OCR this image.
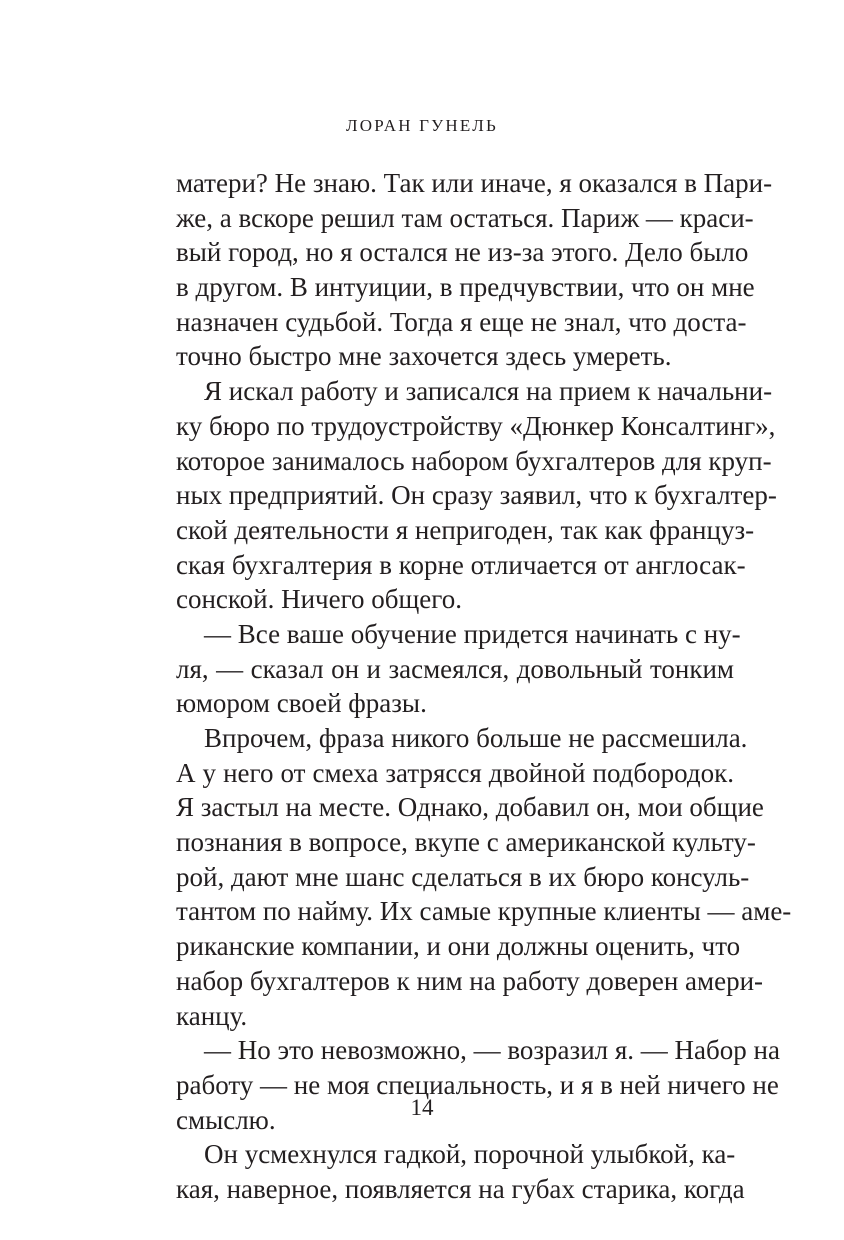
ЛОРАН ГУНЕЛЬ
матери? Не знаю. Так или иначе, я оказался в Пари-
же, а вскоре решил там остаться. Париж — краси-
вый город, но я остался не из-за этого. Дело было
в другом. В интуиции, в предчувствии, что он мне
назначен судьбой. Тогда я еще не знал, что доста-
точно быстро мне захочется здесь умереть.
Я искал работу и записался на прием к начальни-
ку бюро по трудоустройству «Дюнкер Консалтинг»,
которое занималось набором бухгалтеров для круп-
ных предприятий. Он сразу заявил, что к бухгалтер-
ской деятельности я непригоден, так как француз-
ская бухгалтерия в корне отличается от англосак-
сонской. Ничего общего.
— Все ваше обучение придется начинать с ну-
ля, — сказал он и засмеялся, довольный тонким
юмором своей фразы.
Впрочем, фраза никого больше не рассмешила.
А у него от смеха затрясся двойной подбородок.
Я застыл на месте. Однако, добавил он, мои общие
познания в вопросе, вкупе с американской культу-
рой, дают мне шанс сделаться в их бюро консуль-
тантом по найму. Их самые крупные клиенты — аме-
риканские компании, и они должны оценить, что
набор бухгалтеров к ним на работу доверен амери-
канцу.
— Но это невозможно, — возразил я. — Набор на
работу — не моя специальность, и я в ней ничего не
смыслю.
Он усмехнулся гадкой, порочной улыбкой, ка-
кая, наверное, появляется на губах старика, когда
14
